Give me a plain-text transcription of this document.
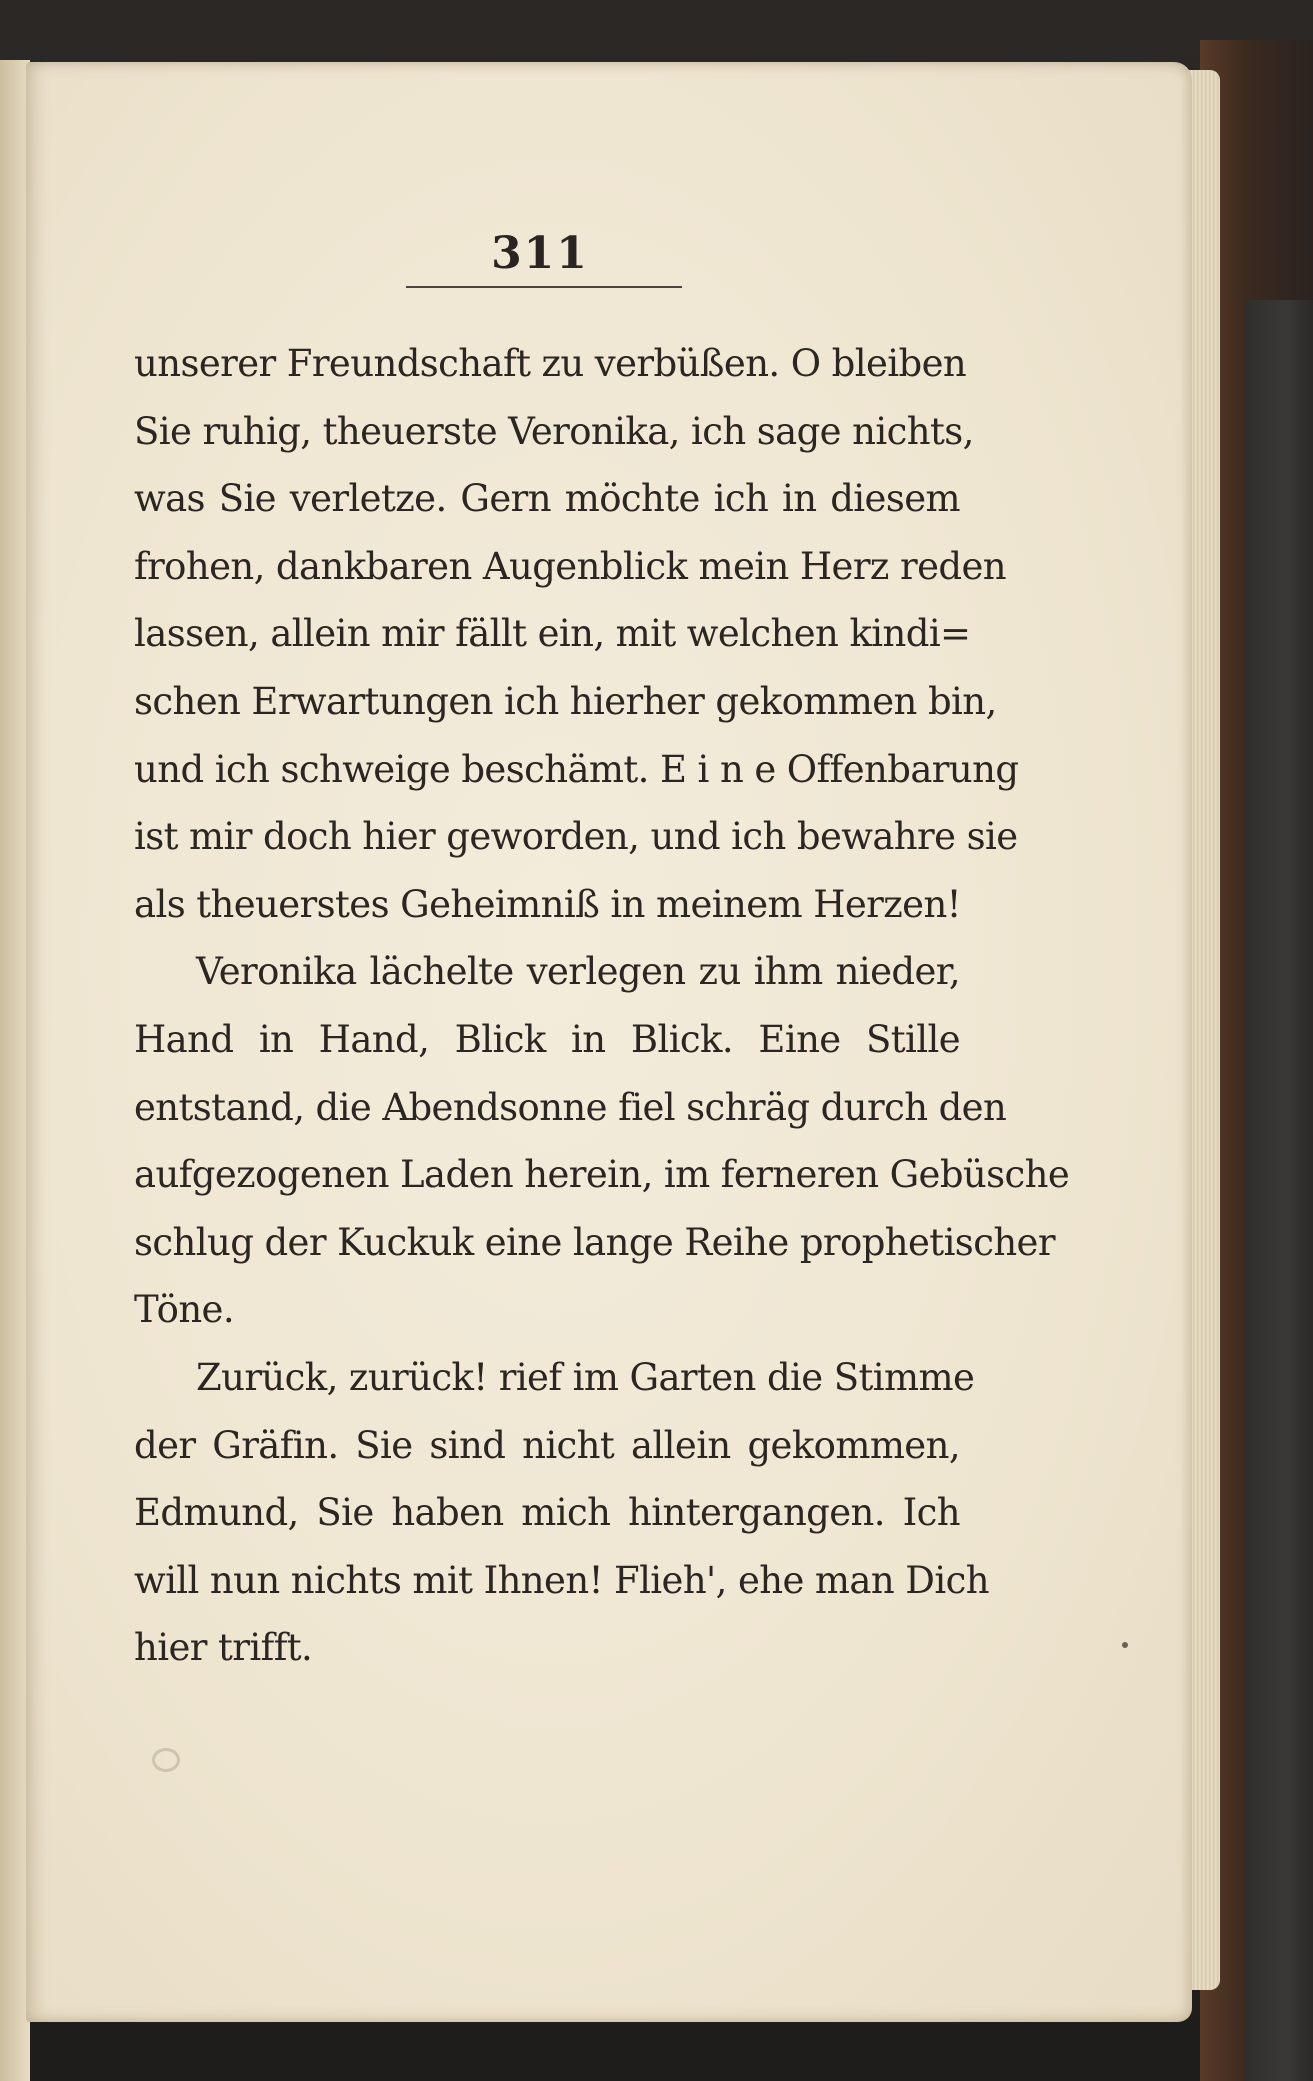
311
unserer Freundschaft zu verbüßen. O bleiben
Sie ruhig, theuerste Veronika, ich sage nichts,
was Sie verletze. Gern möchte ich in diesem
frohen, dankbaren Augenblick mein Herz reden
lassen, allein mir fällt ein, mit welchen kindi=
schen Erwartungen ich hierher gekommen bin,
und ich schweige beschämt. E i n e Offenbarung
ist mir doch hier geworden, und ich bewahre sie
als theuerstes Geheimniß in meinem Herzen!
Veronika lächelte verlegen zu ihm nieder,
Hand in Hand, Blick in Blick. Eine Stille
entstand, die Abendsonne fiel schräg durch den
aufgezogenen Laden herein, im ferneren Gebüsche
schlug der Kuckuk eine lange Reihe prophetischer
Töne.
Zurück, zurück! rief im Garten die Stimme
der Gräfin. Sie sind nicht allein gekommen,
Edmund, Sie haben mich hintergangen. Ich
will nun nichts mit Ihnen! Flieh', ehe man Dich
hier trifft.
